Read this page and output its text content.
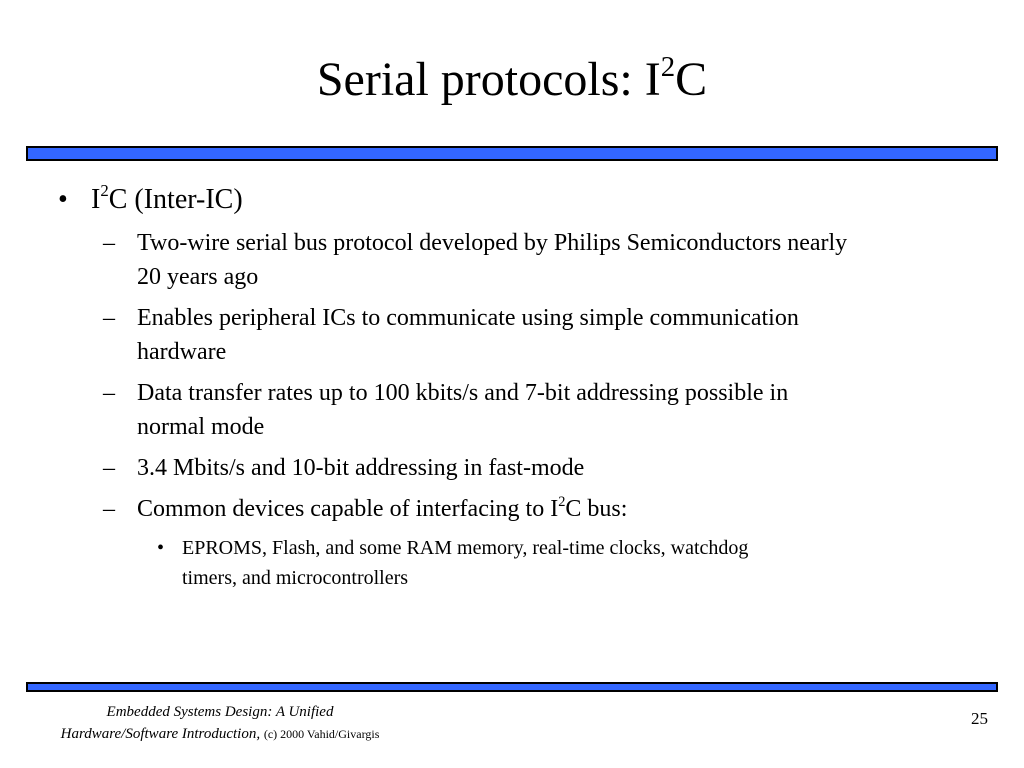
Serial protocols: $I^2C$
• $I^2C$ (Inter-IC)
– Two-wire serial bus protocol developed by Philips Semiconductors nearly
20 years ago
– Enables peripheral ICs to communicate using simple communication
hardware
– Data transfer rates up to 100 kbits/s and 7-bit addressing possible in
normal mode
– 3.4 Mbits/s and 10-bit addressing in fast-mode
– Common devices capable of interfacing to $I^2C$ bus:
• EPROMS, Flash, and some RAM memory, real-time clocks, watchdog
timers, and microcontrollers
Embedded Systems Design: A Unified
Hardware/Software Introduction, (c) 2000 Vahid/Givargis
25
